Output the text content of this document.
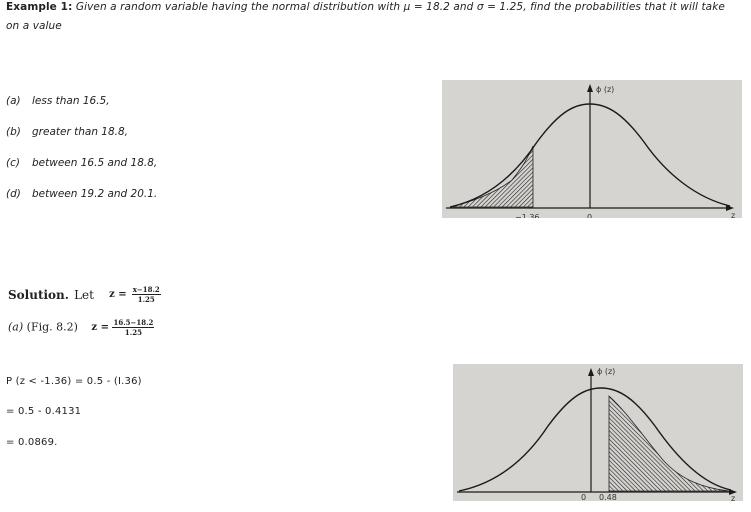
Example 1: Given a random variable having the normal distribution with μ = 18.2 and σ = 1.25, find the probabilities that it will take
on a value
(a) less than 16.5,
(b) greater than 18.8,
(c) between 16.5 and 18.8,
(d) between 19.2 and 20.1.
ϕ (z)
z
−1.36	0
Solution. Let $z = \frac{x-18.2}{1.25}$
(a) (Fig. 8.2) $z = \frac{16.5-18.2}{1.25}$
P (z < -1.36) = 0.5 - (I.36)
= 0.5 - 0.4131
= 0.0869.
ϕ (z)
z
0 0.48
